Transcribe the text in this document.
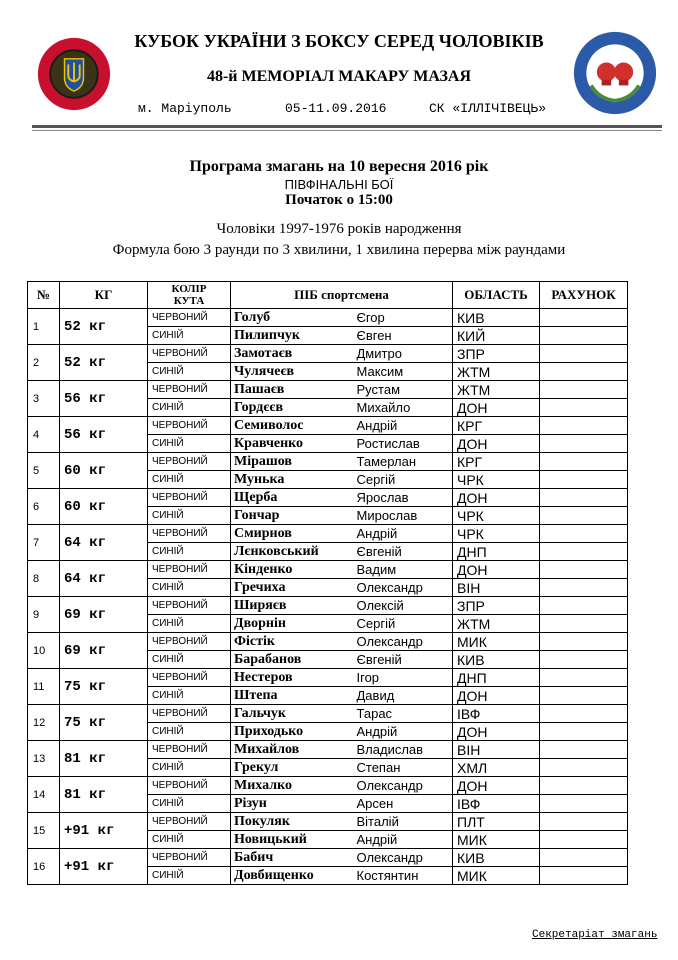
КУБОК УКРАЇНИ З БОКСУ СЕРЕД ЧОЛОВІКІВ
48-й МЕМОРІАЛ МАКАРУ МАЗАЯ

м. Маріуполь

	05-11.09.2016

	СК «ІЛЛІЧІВЕЦЬ»

Програма змагань на 10 вересня 2016 рік
ПІВФІНАЛЬНІ БОЇ
Початок о 15:00
Чоловіки 1997-1976 років народження
Формула бою 3 раунди по 3 хвилини, 1 хвилина перерва між раундами
№	КГ	КОЛІР
КУТА	ПІБ спортсмена		ОБЛАСТЬ	РАХУНОК
1	52 кг	ЧЕРВОНИЙ	Голуб	Єгор	КИВ	
		СИНІЙ	Пилипчук	Євген	КИЙ	
2	52 кг	ЧЕРВОНИЙ	Замотаєв	Дмитро	ЗПР	
		СИНІЙ	Чулячеєв	Максим	ЖТМ	
3	56 кг	ЧЕРВОНИЙ	Пашаєв	Рустам	ЖТМ	
		СИНІЙ	Гордєєв	Михайло	ДОН	
4	56 кг	ЧЕРВОНИЙ	Семиволос	Андрій	КРГ	
		СИНІЙ	Кравченко	Ростислав	ДОН	
5	60 кг	ЧЕРВОНИЙ	Мірашов	Тамерлан	КРГ	
		СИНІЙ	Мунька	Сергій	ЧРК	
6	60 кг	ЧЕРВОНИЙ	Щерба	Ярослав	ДОН	
		СИНІЙ	Гончар	Мирослав	ЧРК	
7	64 кг	ЧЕРВОНИЙ	Смирнов	Андрій	ЧРК	
		СИНІЙ	Лєнковський	Євгеній	ДНП	
8	64 кг	ЧЕРВОНИЙ	Кінденко	Вадим	ДОН	
		СИНІЙ	Гречиха	Олександр	ВІН	
9	69 кг	ЧЕРВОНИЙ	Ширяєв	Олексій	ЗПР	
		СИНІЙ	Дворнін	Сергій	ЖТМ	
10	69 кг	ЧЕРВОНИЙ	Фістік	Олександр	МИК	
		СИНІЙ	Барабанов	Євгеній	КИВ	
11	75 кг	ЧЕРВОНИЙ	Нестеров	Ігор	ДНП	
		СИНІЙ	Штепа	Давид	ДОН	
12	75 кг	ЧЕРВОНИЙ	Гальчук	Тарас	ІВФ	
		СИНІЙ	Приходько	Андрій	ДОН	
13	81 кг	ЧЕРВОНИЙ	Михайлов	Владислав	ВІН	
		СИНІЙ	Грекул	Степан	ХМЛ	
14	81 кг	ЧЕРВОНИЙ	Михалко	Олександр	ДОН	
		СИНІЙ	Різун	Арсен	ІВФ	
15	+91 кг	ЧЕРВОНИЙ	Покуляк	Віталій	ПЛТ	
		СИНІЙ	Новицький	Андрій	МИК	
16	+91 кг	ЧЕРВОНИЙ	Бабич	Олександр	КИВ	
		СИНІЙ	Довбищенко	Костянтин	МИК	
Секретаріат змагань
